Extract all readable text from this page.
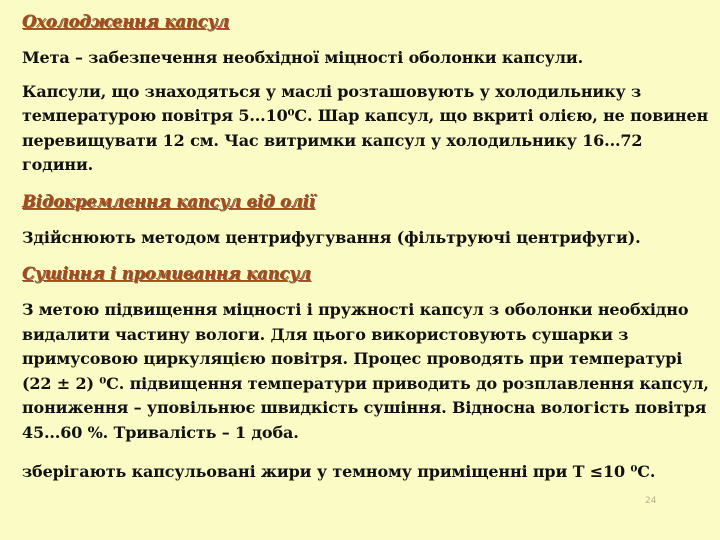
Охолодження капсул

Мета – забезпечення необхідної міцності оболонки капсули.

Капсули, що знаходяться у маслі розташовують у холодильнику з температурою повітря 5...10⁰С. Шар капсул, що вкриті олією, не повинен перевищувати 12 см. Час витримки капсул у холодильнику 16...72 години.

Відокремлення капсул від олії

Здійснюють методом центрифугування (фільтруючі центрифуги).

Сушіння і промивання капсул

З метою підвищення міцності і пружності капсул з оболонки необхідно видалити частину вологи. Для цього використовують сушарки з примусовою циркуляцією повітря. Процес проводять при температурі (22 ± 2) ⁰С. підвищення температури приводить до розплавлення капсул, пониження – уповільнює швидкість сушіння. Відносна вологість повітря 45...60 %. Тривалість – 1 доба.

зберігають капсульовані жири у темному приміщенні при Т ≤10 ⁰С.

24
